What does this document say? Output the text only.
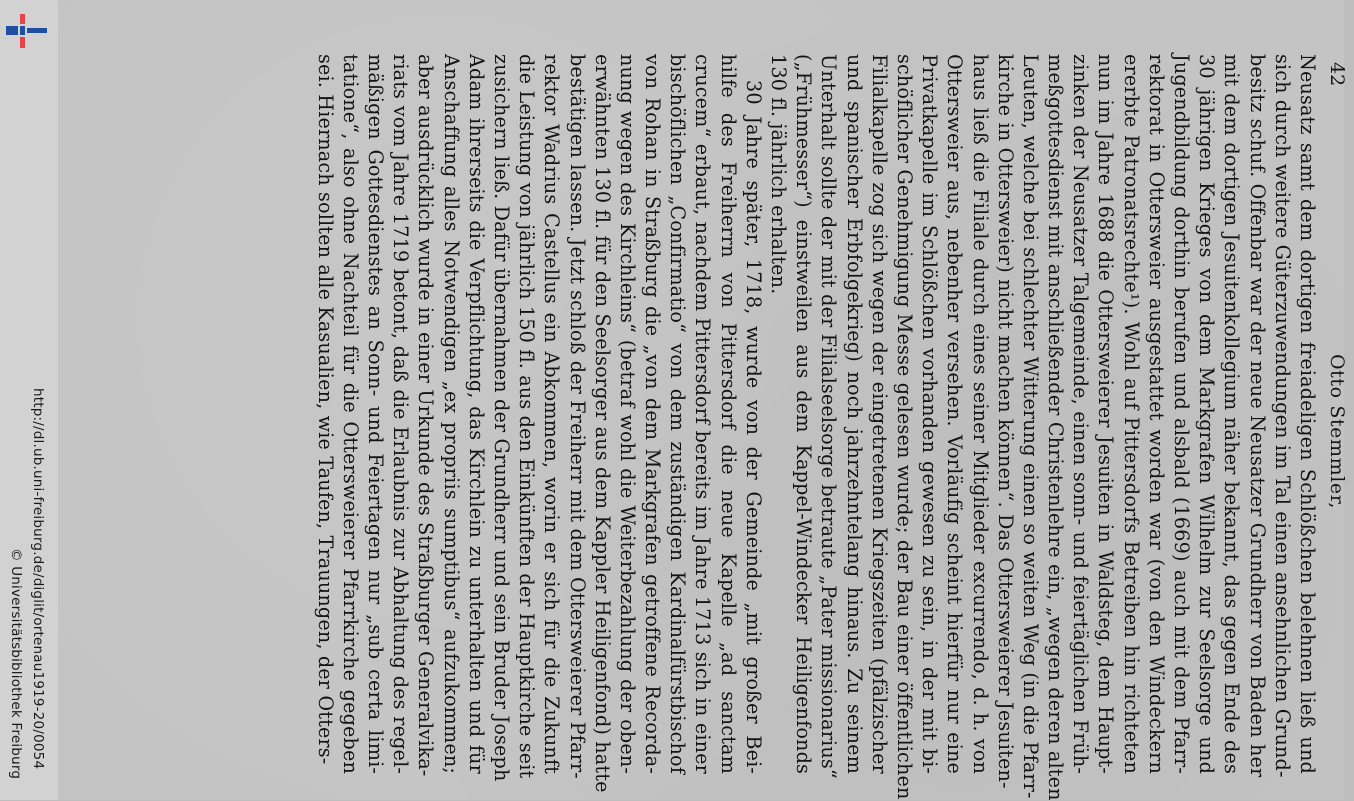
http://dl.ub.uni-freiburg.de/diglit/ortenau1919-20/0054
© Universitätsbibliothek Freiburg
42
Otto Stemmler,
Neusatz samt dem dortigen freiadeligen Schlößchen belehnen ließ und
sich durch weitere Güterzuwendungen im Tal einen ansehnlichen Grund-
besitz schuf. Offenbar war der neue Neusatzer Grundherr von Baden her
mit dem dortigen Jesuitenkollegium näher bekannt, das gegen Ende des
30 jährigen Krieges von dem Markgrafen Wilhelm zur Seelsorge und
Jugendbildung dorthin berufen und alsbald (1669) auch mit dem Pfarr-
rektorat in Ottersweier ausgestattet worden war (von den Windeckern
ererbte Patronatsrechte¹). Wohl auf Pittersdorfs Betreiben hin richteten
nun im Jahre 1688 die Ottersweierer Jesuiten in Waldsteg, dem Haupt-
zinken der Neusatzer Talgemeinde, einen sonn- und feiertäglichen Früh-
meßgottesdienst mit anschließender Christenlehre ein, „wegen deren alten
Leuten, welche bei schlechter Witterung einen so weiten Weg (in die Pfarr-
kirche in Ottersweier) nicht machen können“. Das Ottersweierer Jesuiten-
haus ließ die Filiale durch eines seiner Mitglieder excurrendo, d. h. von
Ottersweier aus, nebenher versehen. Vorläufig scheint hierfür nur eine
Privatkapelle im Schlößchen vorhanden gewesen zu sein, in der mit bi-
schöflicher Genehmigung Messe gelesen wurde; der Bau einer öffentlichen
Filialkapelle zog sich wegen der eingetretenen Kriegszeiten (pfälzischer
und spanischer Erbfolgekrieg) noch jahrzehntelang hinaus. Zu seinem
Unterhalt sollte der mit der Filialseelsorge betraute „Pater missionarius“
(„Frühmesser“) einstweilen aus dem Kappel-Windecker Heiligenfonds
130 fl. jährlich erhalten.
30 Jahre später, 1718, wurde von der Gemeinde „mit großer Bei-
hilfe des Freiherrn von Pittersdorf die neue Kapelle „ad sanctam
crucem“ erbaut, nachdem Pittersdorf bereits im Jahre 1713 sich in einer
bischöflichen „Confirmatio“ von dem zuständigen Kardinalfürstbischof
von Rohan in Straßburg die „von dem Markgrafen getroffene Recorda-
nung wegen des Kirchleins“ (betraf wohl die Weiterbezahlung der oben-
erwähnten 130 fl. für den Seelsorger aus dem Kappler Heiligenfond) hatte
bestätigen lassen. Jetzt schloß der Freiherr mit dem Ottersweierer Pfarr-
rektor Wadrius Castellus ein Abkommen, worin er sich für die Zukunft
die Leistung von jährlich 150 fl. aus den Einkünften der Hauptkirche seit
zusichern ließ. Dafür übernahmen der Grundherr und sein Bruder Joseph
Adam ihrerseits die Verpflichtung, das Kirchlein zu unterhalten und für
Anschaffung alles Notwendigen „ex propriis sumptibus“ aufzukommen;
aber ausdrücklich wurde in einer Urkunde des Straßburger Generalvika-
riats vom Jahre 1719 betont, daß die Erlaubnis zur Abhaltung des regel-
mäßigen Gottesdienstes an Sonn- und Feiertagen nur „sub certa limi-
tatione“, also ohne Nachteil für die Ottersweierer Pfarrkirche gegeben
sei. Hiernach sollten alle Kasualien, wie Taufen, Trauungen, der Otters-
